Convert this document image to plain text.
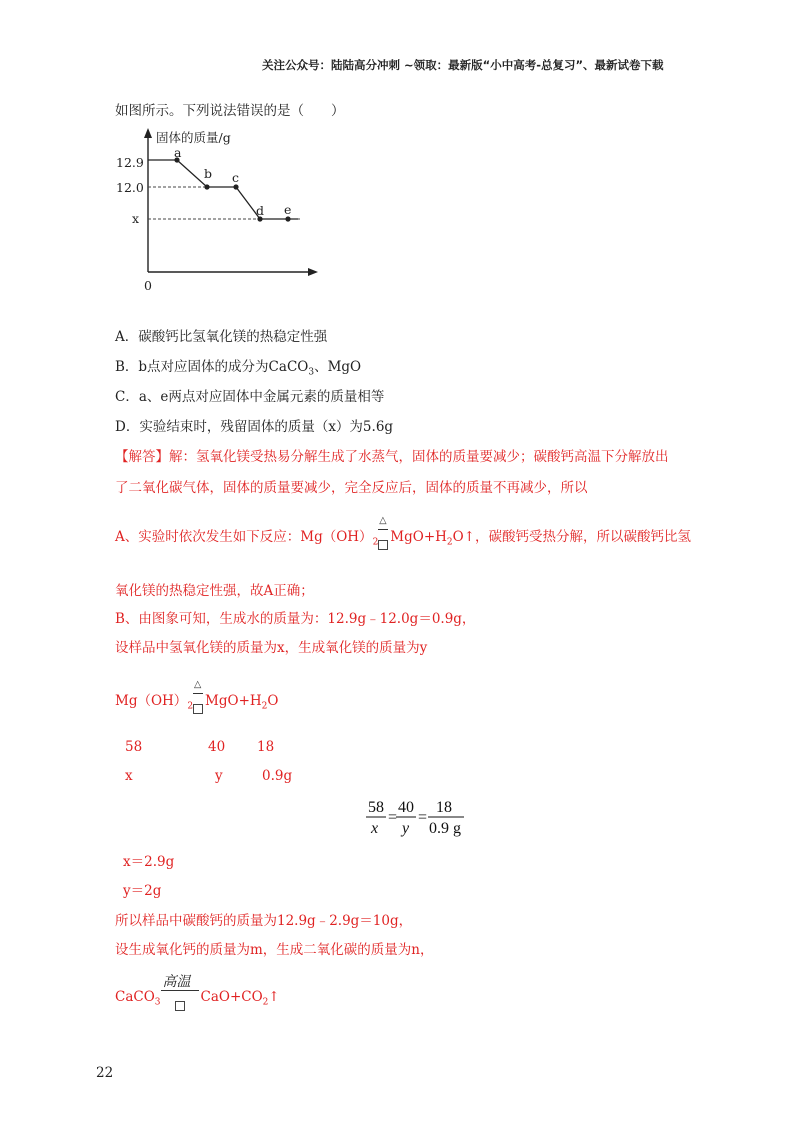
关注公众号：陆陆高分冲刺 ~领取：最新版“小中高考-总复习”、最新试卷下载
如图所示。下列说法错误的是（　　）
固体的质量/g
12.9
12.0
x
0
a
b c
d e
A．碳酸钙比氢氧化镁的热稳定性强
B．b点对应固体的成分为CaCO$_3$、MgO
C．a、e两点对应固体中金属元素的质量相等
D．实验结束时，残留固体的质量（x）为5.6g
【解答】解：氢氧化镁受热易分解生成了水蒸气，固体的质量要减少；碳酸钙高温下分解放出
了二氧化碳气体，固体的质量要减少，完全反应后，固体的质量不再减少，所以
A、实验时依次发生如下反应：$Mg(OH)_2$
△
$MgO+H_2O↑$，碳酸钙受热分解，所以碳酸钙比氢
氧化镁的热稳定性强，故A正确；
B、由图象可知，生成水的质量为：12.9g﹣12.0g＝0.9g，
设样品中氢氧化镁的质量为x，生成氧化镁的质量为y
$Mg(OH)_2$
△
$MgO+H_2O$
58	40 18
x	y	0.9g
58
x
=
40
y
=
18
0.9 g
x＝2.9g
y＝2g
所以样品中碳酸钙的质量为12.9g﹣2.9g＝10g，
设生成氧化钙的质量为m，生成二氧化碳的质量为n，
CaCO$_3$
高温
$CaO+CO_2↑$
22
